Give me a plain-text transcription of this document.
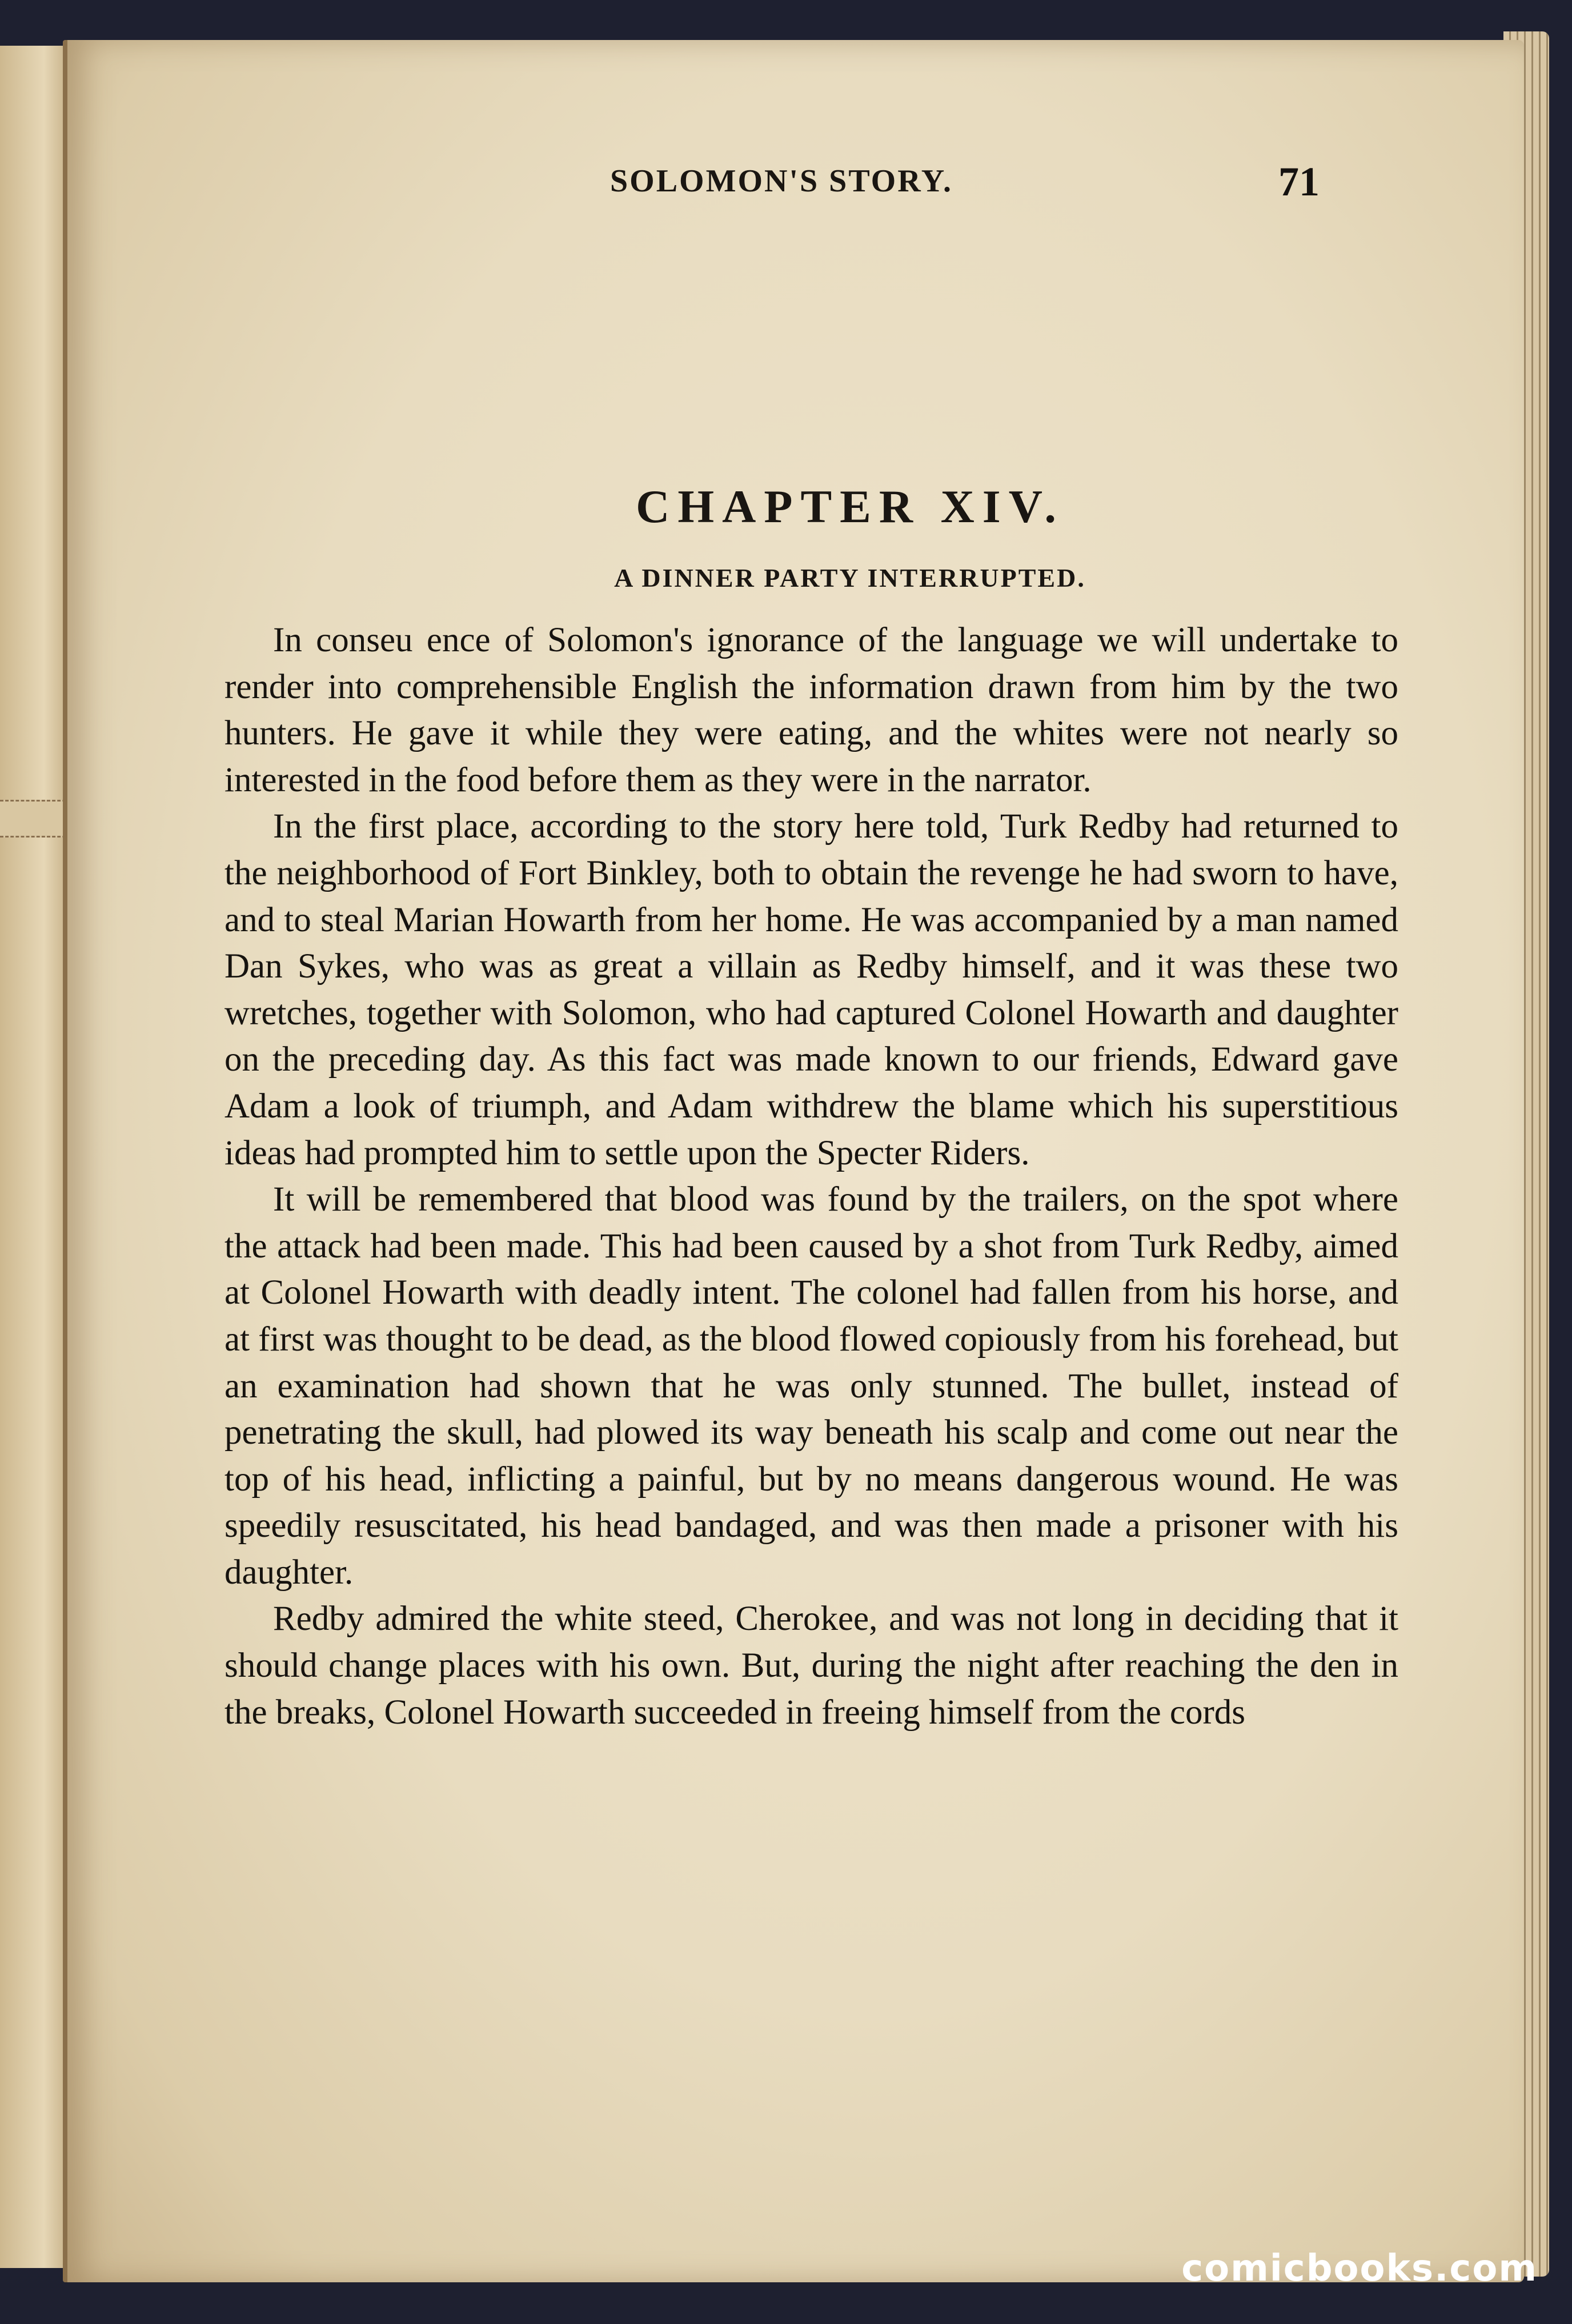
SOLOMON'S STORY.	71
CHAPTER XIV.
A DINNER PARTY INTERRUPTED.

In conseu ence of Solomon's ignorance of the language we will undertake to render into comprehensible English the information drawn from him by the two hunters. He gave it while they were eating, and the whites were not nearly so interested in the food before them as they were in the narrator.

In the first place, according to the story here told, Turk Redby had returned to the neighborhood of Fort Binkley, both to obtain the revenge he had sworn to have, and to steal Marian Howarth from her home. He was accompanied by a man named Dan Sykes, who was as great a villain as Redby himself, and it was these two wretches, together with Solomon, who had captured Colonel Howarth and daughter on the preceding day. As this fact was made known to our friends, Edward gave Adam a look of triumph, and Adam withdrew the blame which his superstitious ideas had prompted him to settle upon the Specter Riders.

It will be remembered that blood was found by the trailers, on the spot where the attack had been made. This had been caused by a shot from Turk Redby, aimed at Colonel Howarth with deadly intent. The colonel had fallen from his horse, and at first was thought to be dead, as the blood flowed copiously from his forehead, but an examination had shown that he was only stunned. The bullet, instead of penetrating the skull, had plowed its way beneath his scalp and come out near the top of his head, inflicting a painful, but by no means dangerous wound. He was speedily resuscitated, his head bandaged, and was then made a prisoner with his daughter.

Redby admired the white steed, Cherokee, and was not long in deciding that it should change places with his own. But, during the night after reaching the den in the breaks, Colonel Howarth succeeded in freeing himself from the cords

comicbooks.com
